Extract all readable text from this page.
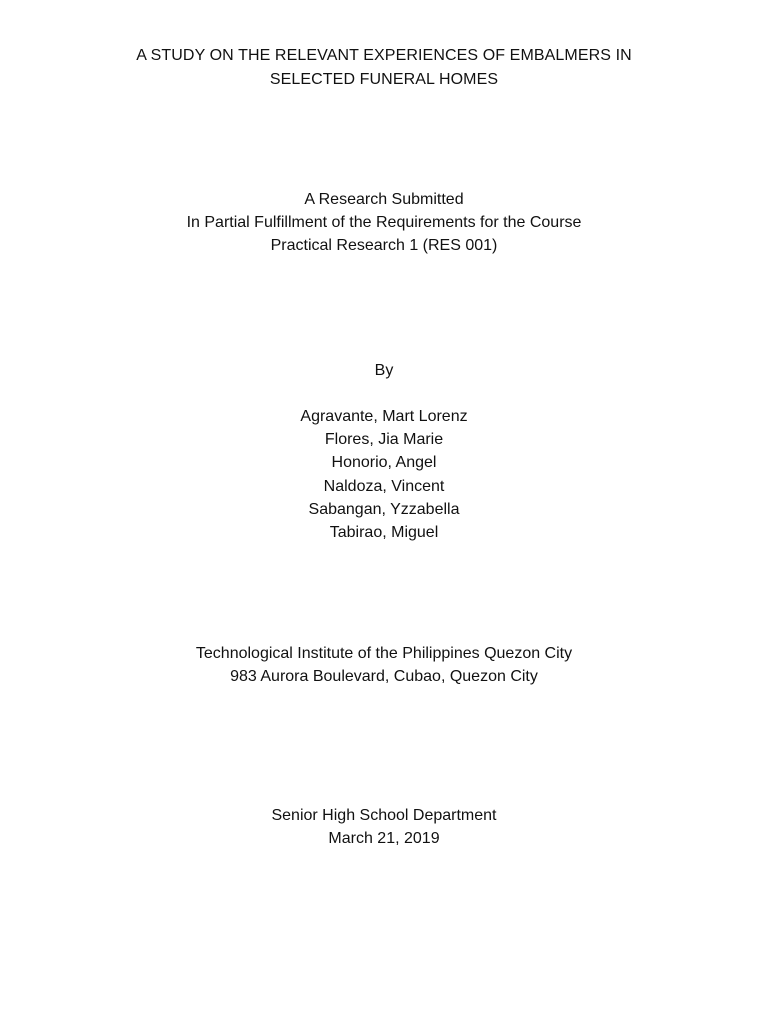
A STUDY ON THE RELEVANT EXPERIENCES OF EMBALMERS IN
SELECTED FUNERAL HOMES
A Research Submitted
In Partial Fulfillment of the Requirements for the Course
Practical Research 1 (RES 001)
By
Agravante, Mart Lorenz
Flores, Jia Marie
Honorio, Angel
Naldoza, Vincent
Sabangan, Yzzabella
Tabirao, Miguel
Technological Institute of the Philippines Quezon City
983 Aurora Boulevard, Cubao, Quezon City
Senior High School Department
March 21, 2019
